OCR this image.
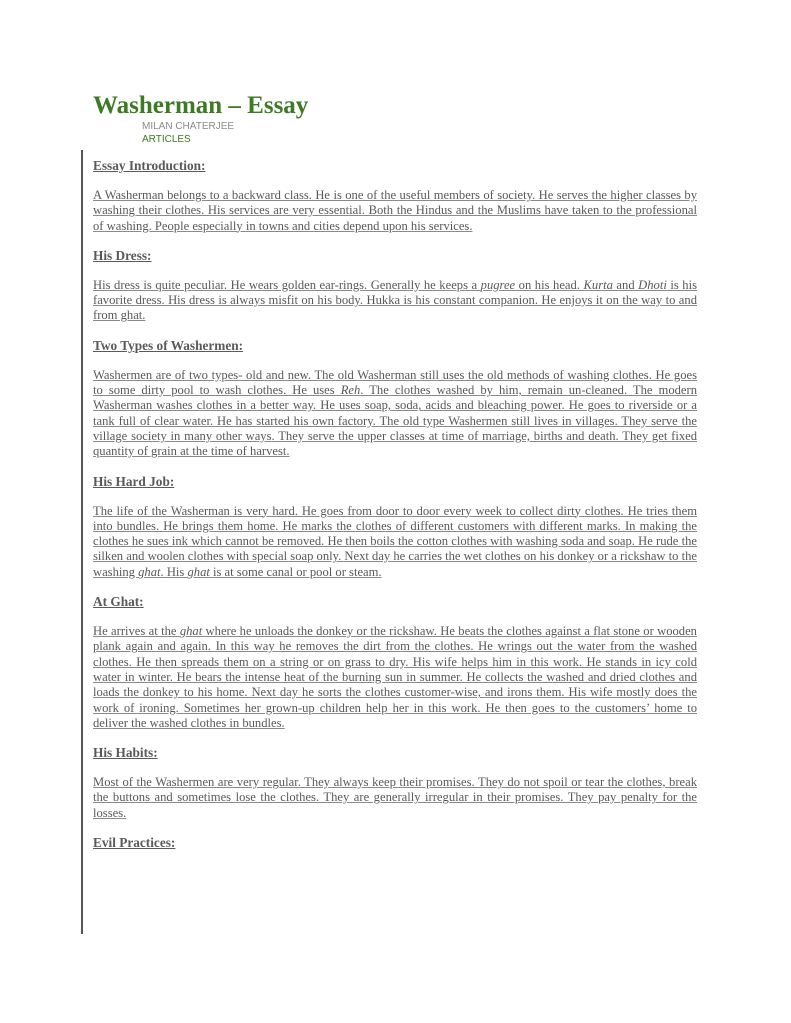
Washerman – Essay
MILAN CHATERJEE
ARTICLES
Essay Introduction:

A Washerman belongs to a backward class. He is one of the useful members of society. He serves the higher classes by washing their clothes. His services are very essential. Both the Hindus and the Muslims have taken to the professional of washing. People especially in towns and cities depend upon his services.

His Dress:

His dress is quite peculiar. He wears golden ear-rings. Generally he keeps a pugree on his head. Kurta and Dhoti is his favorite dress. His dress is always misfit on his body. Hukka is his constant companion. He enjoys it on the way to and from ghat.

Two Types of Washermen:

Washermen are of two types- old and new. The old Washerman still uses the old methods of washing clothes. He goes to some dirty pool to wash clothes. He uses Reh. The clothes washed by him, remain un-cleaned. The modern Washerman washes clothes in a better way. He uses soap, soda, acids and bleaching power. He goes to riverside or a tank full of clear water. He has started his own factory. The old type Washermen still lives in villages. They serve the village society in many other ways. They serve the upper classes at time of marriage, births and death. They get fixed quantity of grain at the time of harvest.

His Hard Job:

The life of the Washerman is very hard. He goes from door to door every week to collect dirty clothes. He tries them into bundles. He brings them home. He marks the clothes of different customers with different marks. In making the clothes he sues ink which cannot be removed. He then boils the cotton clothes with washing soda and soap. He rude the silken and woolen clothes with special soap only. Next day he carries the wet clothes on his donkey or a rickshaw to the washing ghat. His ghat is at some canal or pool or steam.

At Ghat:

He arrives at the ghat where he unloads the donkey or the rickshaw. He beats the clothes against a flat stone or wooden plank again and again. In this way he removes the dirt from the clothes. He wrings out the water from the washed clothes. He then spreads them on a string or on grass to dry. His wife helps him in this work. He stands in icy cold water in winter. He bears the intense heat of the burning sun in summer. He collects the washed and dried clothes and loads the donkey to his home. Next day he sorts the clothes customer-wise, and irons them. His wife mostly does the work of ironing. Sometimes her grown-up children help her in this work. He then goes to the customers’ home to deliver the washed clothes in bundles.

His Habits:

Most of the Washermen are very regular. They always keep their promises. They do not spoil or tear the clothes, break the buttons and sometimes lose the clothes. They are generally irregular in their promises. They pay penalty for the losses.

Evil Practices:
